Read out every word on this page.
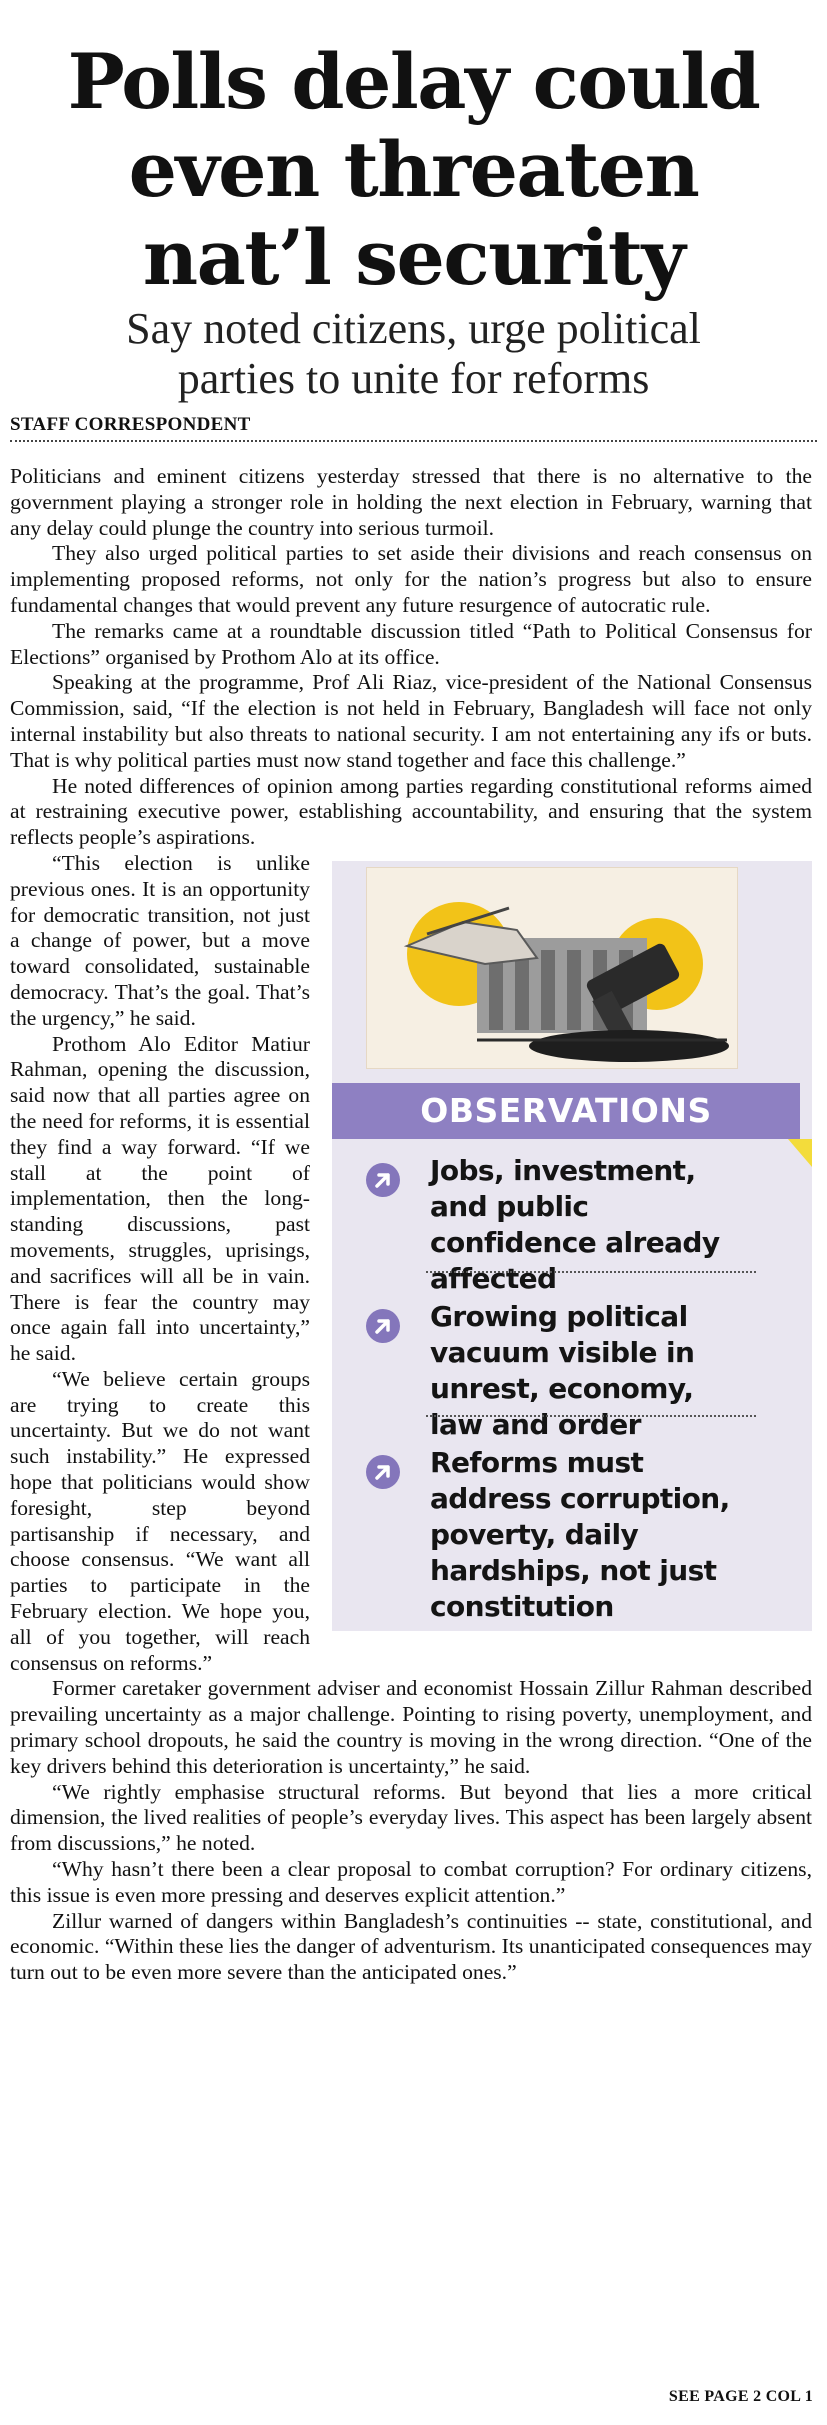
Polls delay could
even threaten
nat’l security
Say noted citizens, urge political
parties to unite for reforms
STAFF CORRESPONDENT

Politicians and eminent citizens yesterday stressed that there is no alternative to the government playing a stronger role in holding the next election in February, warning that any delay could plunge the country into serious turmoil.

They also urged political parties to set aside their divisions and reach consensus on implementing proposed reforms, not only for the nation’s progress but also to ensure fundamental changes that would prevent any future resurgence of autocratic rule.

The remarks came at a roundtable discussion titled “Path to Political Consensus for Elections” organised by Prothom Alo at its office.

Speaking at the programme, Prof Ali Riaz, vice-president of the National Consensus Commission, said, “If the election is not held in February, Bangladesh will face not only internal instability but also threats to national security. I am not entertaining any ifs or buts. That is why political parties must now stand together and face this challenge.”

He noted differences of opinion among parties regarding constitutional reforms aimed at restraining executive power, establishing accountability, and ensuring that the system reflects people’s aspirations.

OBSERVATIONS
Jobs, investment, and public confidence already affected
Growing political vacuum visible in unrest, economy, law and order
Reforms must address corruption, poverty, daily hardships, not just constitution

“This election is unlike previous ones. It is an opportunity for democratic transition, not just a change of power, but a move toward consolidated, sustainable democracy. That’s the goal. That’s the urgency,” he said.

Prothom Alo Editor Matiur Rahman, opening the discussion, said now that all parties agree on the need for reforms, it is essential they find a way forward. “If we stall at the point of implementation, then the long-standing discussions, past movements, struggles, uprisings, and sacrifices will all be in vain. There is fear the country may once again fall into uncertainty,” he said.

“We believe certain groups are trying to create this uncertainty. But we do not want such instability.” He expressed hope that politicians would show foresight, step beyond partisanship if necessary, and choose consensus. “We want all parties to participate in the February election. We hope you, all of you together, will reach consensus on reforms.”

Former caretaker government adviser and economist Hossain Zillur Rahman described prevailing uncertainty as a major challenge. Pointing to rising poverty, unemployment, and primary school dropouts, he said the country is moving in the wrong direction. “One of the key drivers behind this deterioration is uncertainty,” he said.

“We rightly emphasise structural reforms. But beyond that lies a more critical dimension, the lived realities of people’s everyday lives. This aspect has been largely absent from discussions,” he noted.

“Why hasn’t there been a clear proposal to combat corruption? For ordinary citizens, this issue is even more pressing and deserves explicit attention.”

Zillur warned of dangers within Bangladesh’s continuities -- state, constitutional, and economic. “Within these lies the danger of adventurism. Its unanticipated consequences may turn out to be even more severe than the anticipated ones.”

SEE PAGE 2 COL 1
